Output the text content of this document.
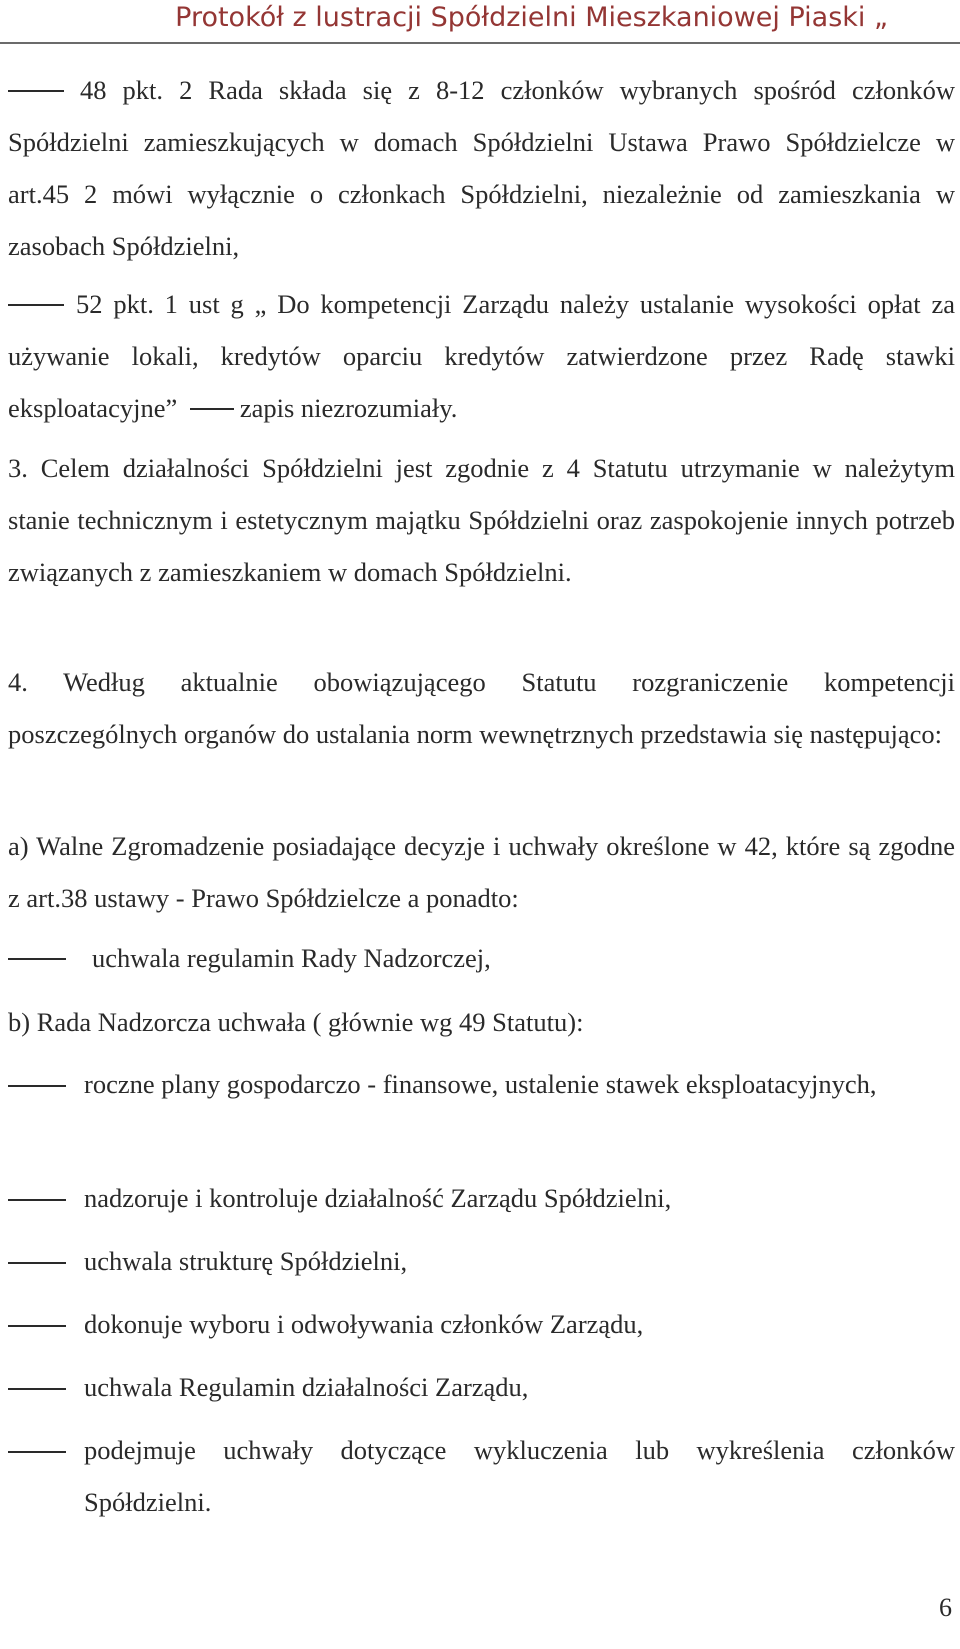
Protokół z lustracji Spółdzielni Mieszkaniowej Piaski „
48 pkt. 2 Rada składa się z 8-12 członków wybranych spośród członków Spółdzielni zamieszkujących w domach Spółdzielni Ustawa Prawo Spółdzielcze w art.45 2 mówi wyłącznie o członkach Spółdzielni, niezależnie od zamieszkania w zasobach Spółdzielni,
52 pkt. 1 ust g „ Do kompetencji Zarządu należy ustalanie wysokości opłat za używanie lokali, kredytów oparciu kredytów zatwierdzone przez Radę stawki eksploatacyjne” zapis niezrozumiały.
3. Celem działalności Spółdzielni jest zgodnie z 4 Statutu utrzymanie w należytym stanie technicznym i estetycznym majątku Spółdzielni oraz zaspokojenie innych potrzeb związanych z zamieszkaniem w domach Spółdzielni.
4. Według aktualnie obowiązującego Statutu rozgraniczenie kompetencji poszczególnych organów do ustalania norm wewnętrznych przedstawia się następująco:
a) Walne Zgromadzenie posiadające decyzje i uchwały określone w 42, które są zgodne z art.38 ustawy - Prawo Spółdzielcze a ponadto:
uchwala regulamin Rady Nadzorczej,
b) Rada Nadzorcza uchwała ( głównie wg 49 Statutu):
roczne plany gospodarczo - finansowe, ustalenie stawek eksploatacyjnych,
nadzoruje i kontroluje działalność Zarządu Spółdzielni,
uchwala strukturę Spółdzielni,
dokonuje wyboru i odwoływania członków Zarządu,
uchwala Regulamin działalności Zarządu,
podejmuje uchwały dotyczące wykluczenia lub wykreślenia członków Spółdzielni.
6
